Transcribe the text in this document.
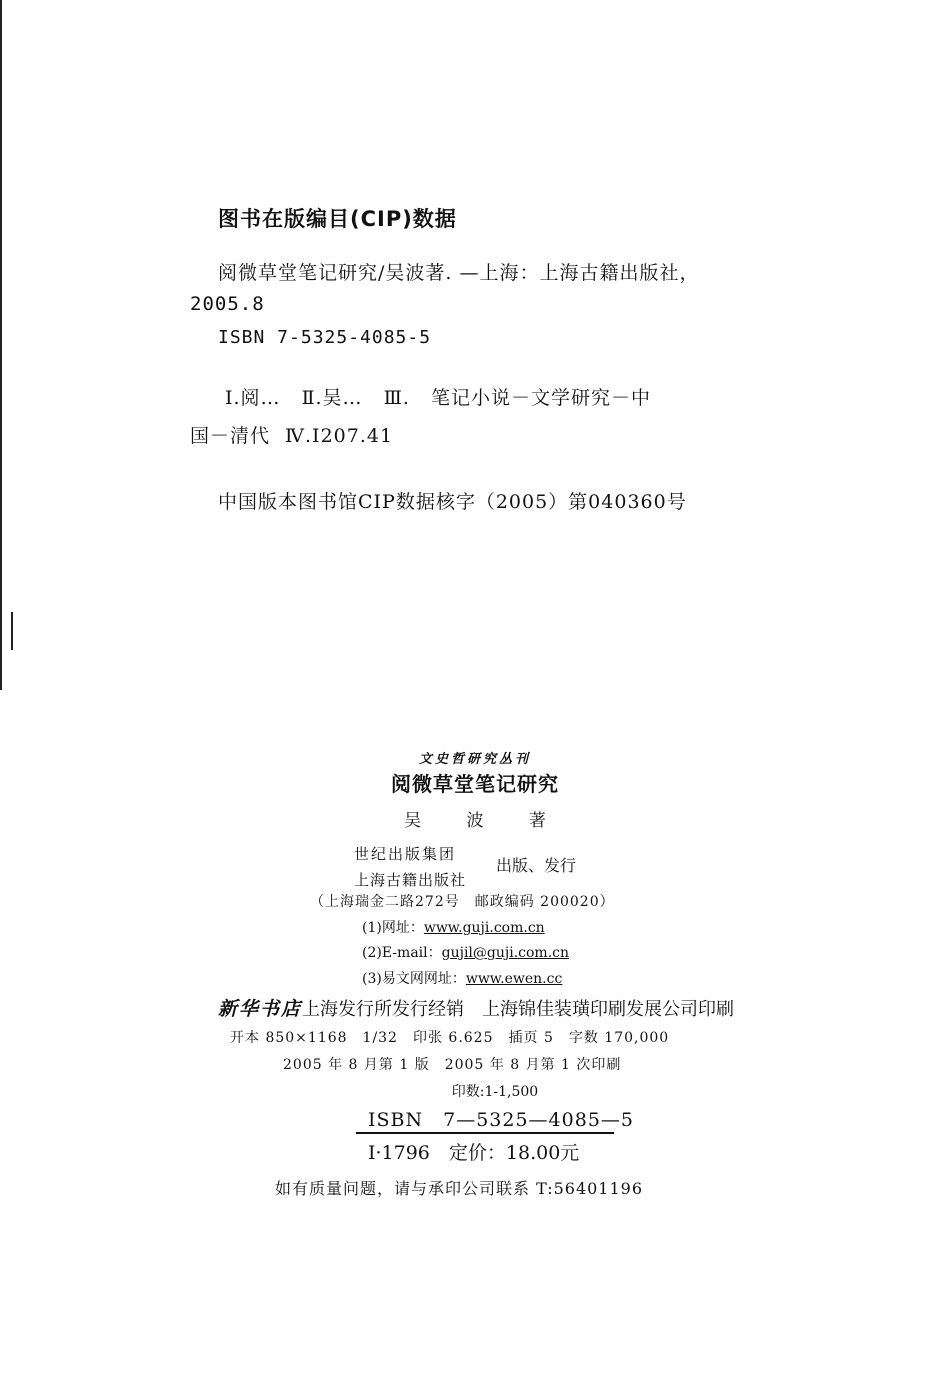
图书在版编目(CIP)数据
阅微草堂笔记研究/吴波著. —上海：上海古籍出版社，
2005.8
ISBN 7-5325-4085-5
Ⅰ.阅… Ⅱ.吴… Ⅲ. 笔记小说－文学研究－中
国－清代 Ⅳ.I207.41
中国版本图书馆CIP数据核字（2005）第040360号
文史哲研究丛刊
阅微草堂笔记研究
吴 波 著
世纪出版集团
上海古籍出版社
出版、发行
（上海瑞金二路272号　邮政编码 200020）
(1)网址：www.guji.com.cn
(2)E-mail：gujil@guji.com.cn
(3)易文网网址：www.ewen.cc
新华书店上海发行所发行经销　上海锦佳装璜印刷发展公司印刷
开本 850×1168　1/32　印张 6.625　插页 5　字数 170,000
2005 年 8 月第 1 版　2005 年 8 月第 1 次印刷
印数:1-1,500
ISBN　7—5325—4085—5
I·1796　定价：18.00元
如有质量问题，请与承印公司联系 T:56401196
